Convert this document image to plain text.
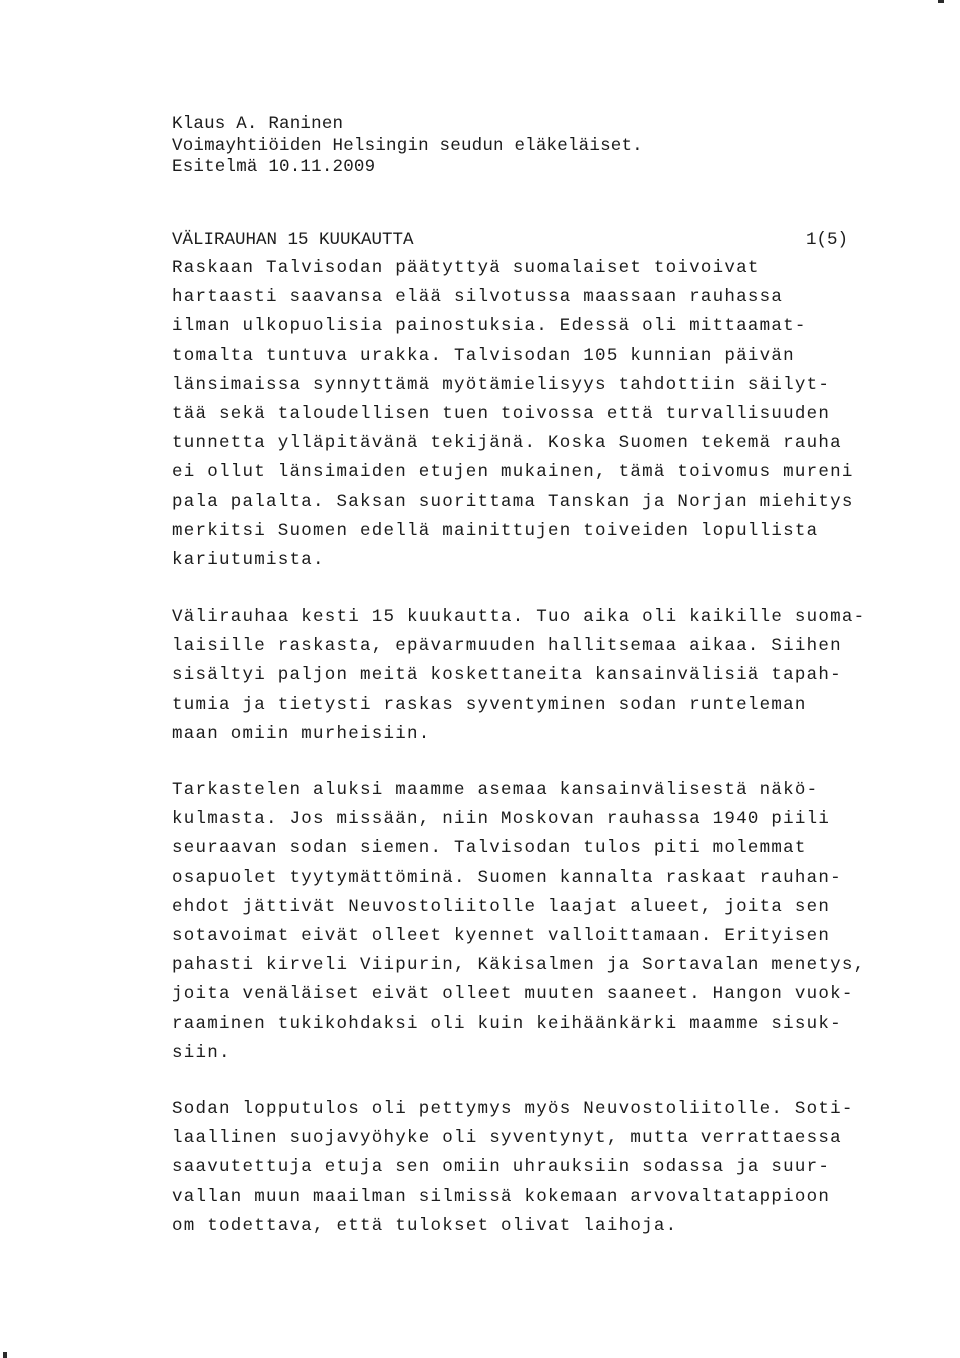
Klaus A. Raninen
Voimayhtiöiden Helsingin seudun eläkeläiset.
Esitelmä 10.11.2009
VÄLIRAUHAN 15 KUUKAUTTA	1(5)
Raskaan Talvisodan päätyttyä suomalaiset toivoivat
hartaasti saavansa elää silvotussa maassaan rauhassa
ilman ulkopuolisia painostuksia. Edessä oli mittaamat-
tomalta tuntuva urakka. Talvisodan 105 kunnian päivän
länsimaissa synnyttämä myötämielisyys tahdottiin säilyt-
tää sekä taloudellisen tuen toivossa että turvallisuuden
tunnetta ylläpitävänä tekijänä. Koska Suomen tekemä rauha
ei ollut länsimaiden etujen mukainen, tämä toivomus mureni
pala palalta. Saksan suorittama Tanskan ja Norjan miehitys
merkitsi Suomen edellä mainittujen toiveiden lopullista
kariutumista.
Välirauhaa kesti 15 kuukautta. Tuo aika oli kaikille suoma-
laisille raskasta, epävarmuuden hallitsemaa aikaa. Siihen
sisältyi paljon meitä koskettaneita kansainvälisiä tapah-
tumia ja tietysti raskas syventyminen sodan runteleman
maan omiin murheisiin.
Tarkastelen aluksi maamme asemaa kansainvälisestä näkö-
kulmasta. Jos missään, niin Moskovan rauhassa 1940 piili
seuraavan sodan siemen. Talvisodan tulos piti molemmat
osapuolet tyytymättöminä. Suomen kannalta raskaat rauhan-
ehdot jättivät Neuvostoliitolle laajat alueet, joita sen
sotavoimat eivät olleet kyennet valloittamaan. Erityisen
pahasti kirveli Viipurin, Käkisalmen ja Sortavalan menetys,
joita venäläiset eivät olleet muuten saaneet. Hangon vuok-
raaminen tukikohdaksi oli kuin keihäänkärki maamme sisuk-
siin.
Sodan lopputulos oli pettymys myös Neuvostoliitolle. Soti-
laallinen suojavyöhyke oli syventynyt, mutta verrattaessa
saavutettuja etuja sen omiin uhrauksiin sodassa ja suur-
vallan muun maailman silmissä kokemaan arvovaltatappioon
om todettava, että tulokset olivat laihoja.
